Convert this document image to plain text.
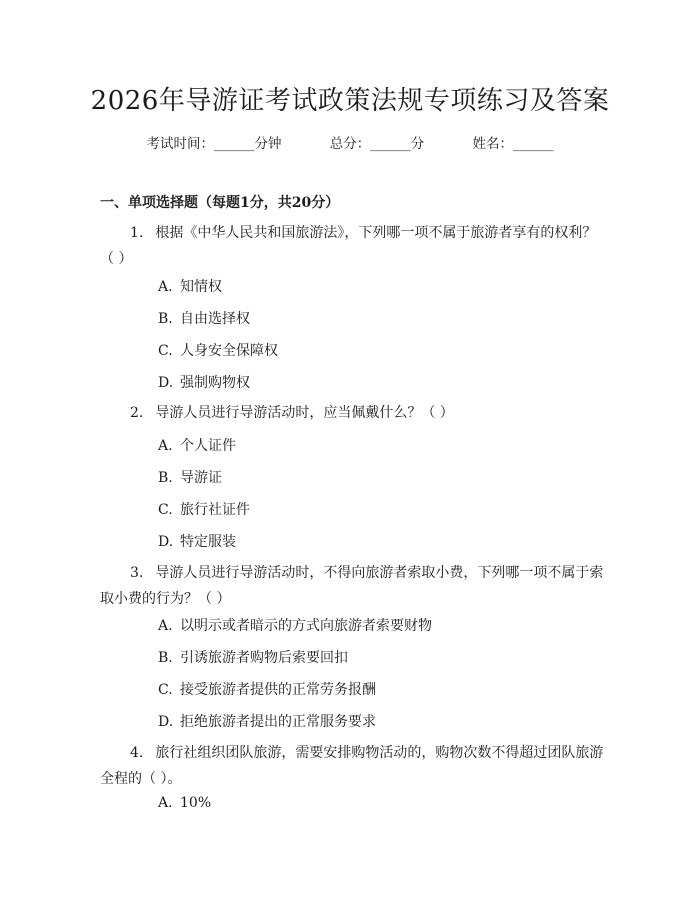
2026年导游证考试政策法规专项练习及答案
考试时间：______分钟	总分：______分	姓名：______
一、单项选择题（每题1分，共20分）
1. 根据《中华人民共和国旅游法》，下列哪一项不属于旅游者享有的权利？（ ）
A. 知情权
B. 自由选择权
C. 人身安全保障权
D. 强制购物权
2. 导游人员进行导游活动时，应当佩戴什么？（ ）
A. 个人证件
B. 导游证
C. 旅行社证件
D. 特定服装
3. 导游人员进行导游活动时，不得向旅游者索取小费，下列哪一项不属于索取小费的行为？（ ）
A. 以明示或者暗示的方式向旅游者索要财物
B. 引诱旅游者购物后索要回扣
C. 接受旅游者提供的正常劳务报酬
D. 拒绝旅游者提出的正常服务要求
4. 旅行社组织团队旅游，需要安排购物活动的，购物次数不得超过团队旅游全程的（ ）。
A. 10%
